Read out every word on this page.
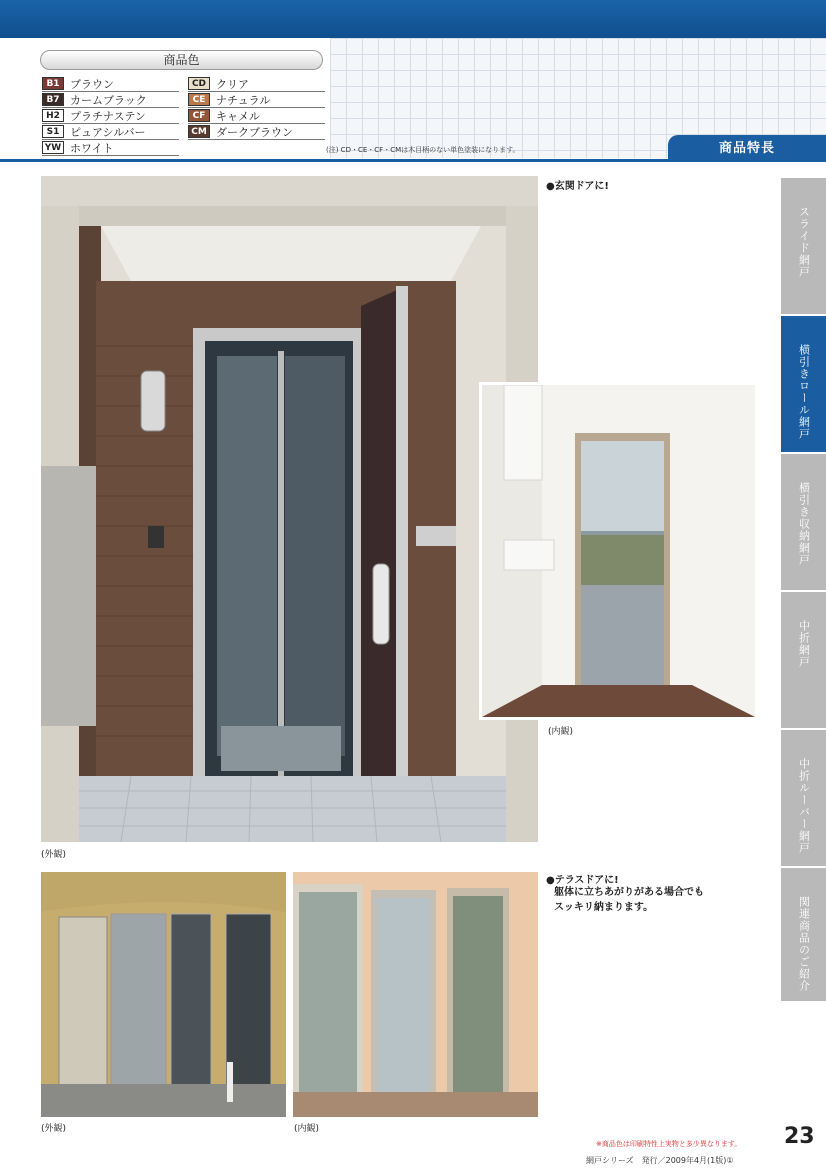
商品色
B1 ブラウン
B7 カームブラック
H2 プラチナステン
S1 ピュアシルバー
YW ホワイト
CD クリア
CE ナチュラル
CF キャメル
CM ダークブラウン
(注) CD・CE・CF・CMは木目柄のない単色塗装になります。	商品特長
スライド網戸
横引きロール網戸
横引き収納網戸
中折網戸
中折ルーバー網戸
関連商品のご紹介
(内観)
(外観)
●玄関ドアに!
(外観)	(内観)
●テラスドアに!
躯体に立ちあがりがある場合でも
スッキリ納まります。
※商品色は印刷特性上実物と多少異なります。 23
網戸シリーズ　発行／2009年4月(1版)①
